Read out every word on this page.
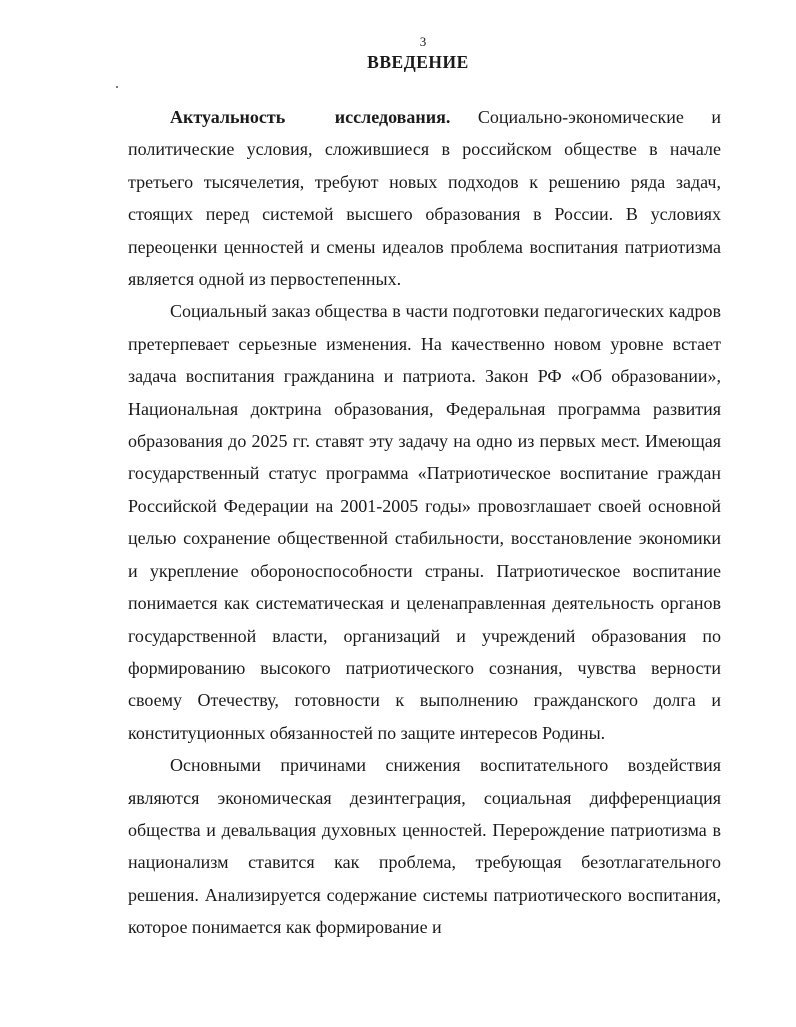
3
ВВЕДЕНИЕ

Актуальность исследования. Социально-экономические и политические условия, сложившиеся в российском обществе в начале третьего тысячелетия, требуют новых подходов к решению ряда задач, стоящих перед системой высшего образования в России. В условиях переоценки ценностей и смены идеалов проблема воспитания патриотизма является одной из первостепенных.

Социальный заказ общества в части подготовки педагогических кадров претерпевает серьезные изменения. На качественно новом уровне встает задача воспитания гражданина и патриота. Закон РФ «Об образовании», Национальная доктрина образования, Федеральная программа развития образования до 2025 гг. ставят эту задачу на одно из первых мест. Имеющая государственный статус программа «Патриотическое воспитание граждан Российской Федерации на 2001-2005 годы» провозглашает своей основной целью сохранение общественной стабильности, восстановление экономики и укрепление обороноспособности страны. Патриотическое воспитание понимается как систематическая и целенаправленная деятельность органов государственной власти, организаций и учреждений образования по формированию высокого патриотического сознания, чувства верности своему Отечеству, готовности к выполнению гражданского долга и конституционных обязанностей по защите интересов Родины.

Основными причинами снижения воспитательного воздействия являются экономическая дезинтеграция, социальная дифференциация общества и девальвация духовных ценностей. Перерождение патриотизма в национализм ставится как проблема, требующая безотлагательного решения. Анализируется содержание системы патриотического воспитания, которое понимается как формирование и
